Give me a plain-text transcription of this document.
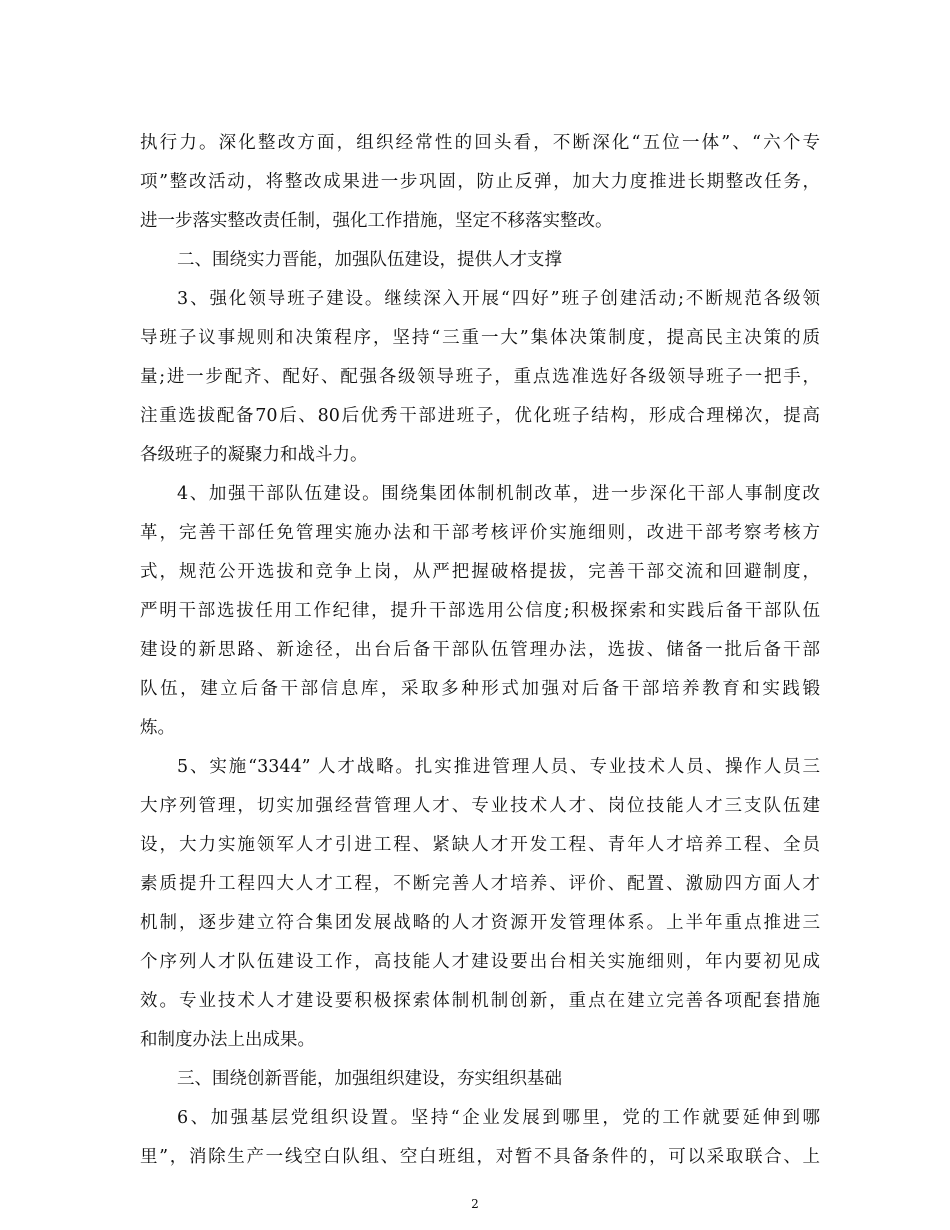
执行力。深化整改方面，组织经常性的回头看，不断深化“五位一体”、“六个专
项”整改活动，将整改成果进一步巩固，防止反弹，加大力度推进长期整改任务，
进一步落实整改责任制，强化工作措施，坚定不移落实整改。
二、围绕实力晋能，加强队伍建设，提供人才支撑
3、强化领导班子建设。继续深入开展“四好”班子创建活动;不断规范各级领
导班子议事规则和决策程序，坚持“三重一大”集体决策制度，提高民主决策的质
量;进一步配齐、配好、配强各级领导班子，重点选准选好各级领导班子一把手，
注重选拔配备70后、80后优秀干部进班子，优化班子结构，形成合理梯次，提高
各级班子的凝聚力和战斗力。
4、加强干部队伍建设。围绕集团体制机制改革，进一步深化干部人事制度改
革，完善干部任免管理实施办法和干部考核评价实施细则，改进干部考察考核方
式，规范公开选拔和竞争上岗，从严把握破格提拔，完善干部交流和回避制度，
严明干部选拔任用工作纪律，提升干部选用公信度;积极探索和实践后备干部队伍
建设的新思路、新途径，出台后备干部队伍管理办法，选拔、储备一批后备干部
队伍，建立后备干部信息库，采取多种形式加强对后备干部培养教育和实践锻
炼。
5、实施“3344” 人才战略。扎实推进管理人员、专业技术人员、操作人员三
大序列管理，切实加强经营管理人才、专业技术人才、岗位技能人才三支队伍建
设，大力实施领军人才引进工程、紧缺人才开发工程、青年人才培养工程、全员
素质提升工程四大人才工程，不断完善人才培养、评价、配置、激励四方面人才
机制，逐步建立符合集团发展战略的人才资源开发管理体系。上半年重点推进三
个序列人才队伍建设工作，高技能人才建设要出台相关实施细则，年内要初见成
效。专业技术人才建设要积极探索体制机制创新，重点在建立完善各项配套措施
和制度办法上出成果。
三、围绕创新晋能，加强组织建设，夯实组织基础
6、加强基层党组织设置。坚持“企业发展到哪里，党的工作就要延伸到哪
里”，消除生产一线空白队组、空白班组，对暂不具备条件的，可以采取联合、上
2
